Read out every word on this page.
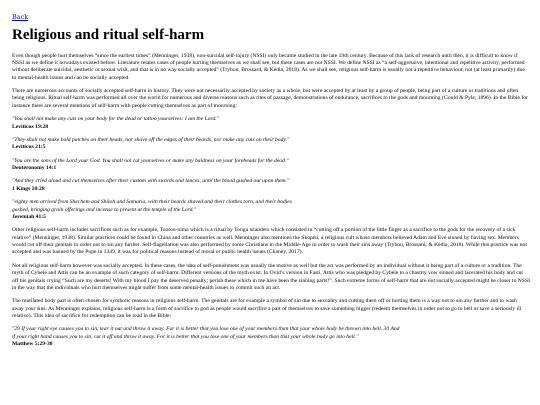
Back
Religious and ritual self-harm

Even though people hurt themselves “since the earliest times” (Menninger, 1938), non-suicidal self-injury (NSSI) only became studied in the late 19th century. Because of this lack of research until then, it is difficult to know if NSSI as we define it nowadays existed before. Literature relates cases of people hurting themselves as we shall see, but these cases are not NSSI. We define NSSI as “a self-aggressive, intentional and repetitive activity, performed without deliberate suicidal, aesthetic or sexual wish, and that is in no way socially accepted” (Trybou, Brossard, & Kédia, 2018). As we shall see, religious self-harm is usually not a repetitive behaviour, not (at least primarily) due to mental-health issues and can be socially accepted.

There are numerous accounts of socially accepted self-harm in history. They were not necessarily accepted by society as a whole, but were accepted by at least by a group of people, being part of a culture or traditions and often being religious. Ritual self-harm was performed all over the world for numerous and diverse reasons such as rites of passage, demonstrations of endurance, sacrifices to the gods and mourning (Gould & Pyle, 1896). In the Bible for instance there are several mentions of self-harm with people cutting themselves as part of mourning:

"You shall not make any cuts on your body for the dead or tattoo yourselves: I am the Lord."

Leviticus 19:28

"They shall not make bald patches on their heads, nor shave off the edges of their beards, nor make any cuts on their body."

Leviticus 21:5

"You are the sons of the Lord your God. You shall not cut yourselves or make any baldness on your foreheads for the dead."

Deuteronomy 14:1

"And they cried aloud and cut themselves after their custom with swords and lances, until the blood gushed out upon them."

1 Kings 18:28

"eighty men arrived from Shechem and Shiloh and Samaria, with their beards shaved and their clothes torn, and their bodies gashed, bringing grain offerings and incense to present at the temple of the Lord."

Jeremiah 41:5

Other religious self-harm includes sacrifices such as for example, Tootoo-nima which is a ritual by Tonga islanders which consisted in “cutting off a portion of the little finger as a sacrifice to the gods for the recovery of a sick relative” (Menninger, 1938). Similar practices could be found in China and other countries as well. Menninger also mentions the Skoptsi, a religious cult whose members believed Adam and Eve sinned by having sex. Members would cut off their genitals in order not to sin any further. Self-flagellation was also performed by some Christians in the Middle-Age in order to wash their sins away (Trybou, Brossard, & Kédia, 2018). While this practice was not accepted and was banned by the Pope in 1349, it was for political reasons instead of moral or public health issues (Chaney, 2017).

Not all religious self-harm however was socially accepted. In these cases, the idea of self-punishment was usually the motive as well but the act was performed by an individual without it being part of a culture or a tradition. The myth of Cybele and Attis can be an example of such category of self-harm. Different versions of the myth exist. In Ovid’s version in Fasti, Attis who was pledged by Cybele to a chastity vow sinned and lacerated his body and cut off his genitals crying “Such are my deserts! With my blood I pay the deserved penalty; perish these which in me have been the sinning parts!”. Such extreme forms of self-harm that are not socially accepted might be closer to NSSI in the way that the individuals who hurt themselves might suffer from some mental-health issues to commit such an act.

The mutilated body part is often chosen for symbolic reasons in religious self-harm. The genitals are for example a symbol of sin due to sexuality and cutting them off or hurting them is a way not to sin any further and to wash away your sins. As Menninger explains, religious self-harm is a form of sacrifice to god as people would sacrifice a part of themselves to save something bigger (redeem themselves in order not to go to hell or save a seriously ill relative). This idea of sacrifice for redemption can be read in the Bible:

"29 If your right eye causes you to sin, tear it out and throw it away. For it is better that you lose one of your members than that your whole body be thrown into hell. 30 And if your right hand causes you to sin, cut it off and throw it away. For it is better that you lose one of your members than that your whole body go into hell."

Matthew 5:29-30
